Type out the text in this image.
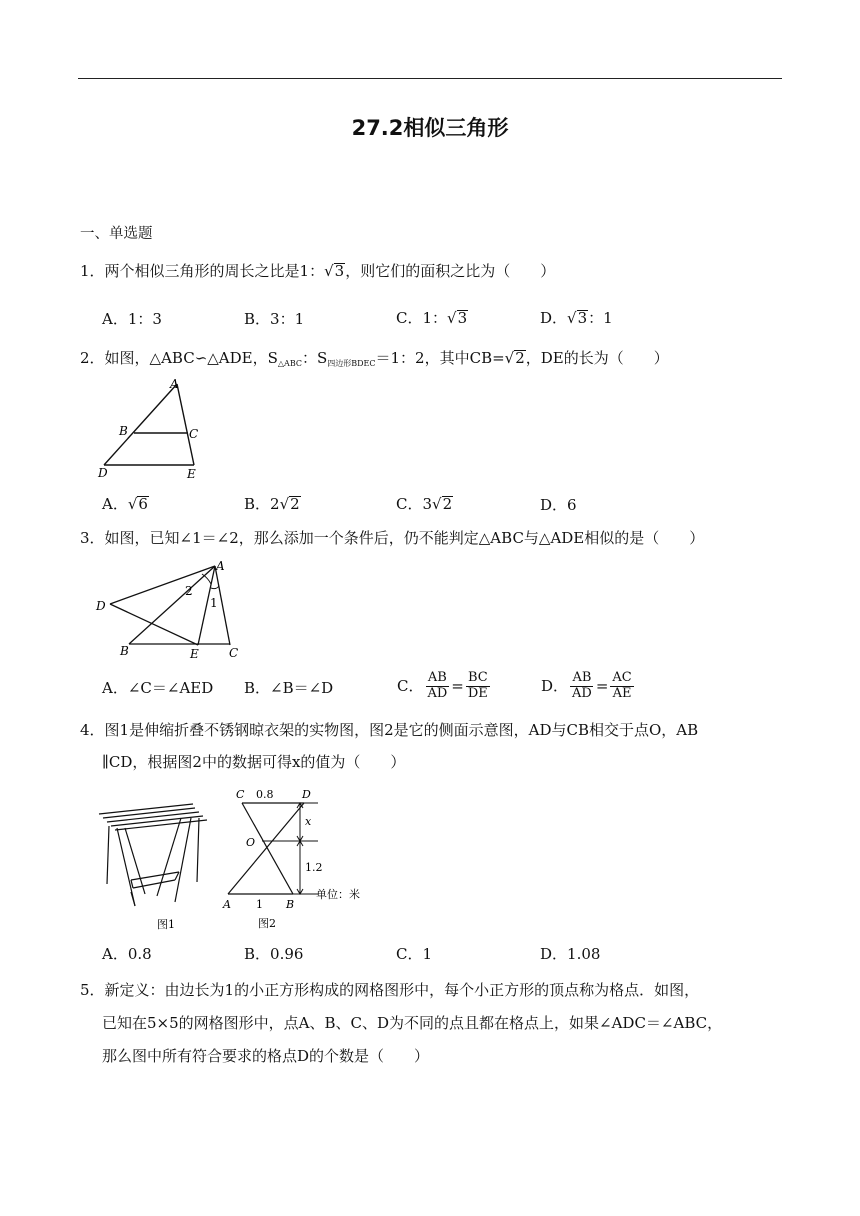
27.2相似三角形
一、单选题
1．两个相似三角形的周长之比是1：√3，则它们的面积之比为（　　）
A．1：3	B．3：1	C．1：√3	D．√3：1
2．如图，△ABC∽△ADE，$S_{\triangle ABC}$：$S_{四边形BDEC}=1$：2，其中CB=√2，DE的长为（　　）
A
B	C
D	E
A．√6	B．2√2	C．3√2	D．6
3．如图，已知∠1＝∠2，那么添加一个条件后，仍不能判定△ABC与△ADE相似的是（　　）
A
D
B	E	C
2
1
A．∠C＝∠AED B．∠B＝∠D	C． $\frac{AB}{AD} = \frac{BC}{DE}$	D． $\frac{AB}{AD} = \frac{AC}{AE}$
4．图1是伸缩折叠不锈钢晾衣架的实物图，图2是它的侧面示意图，AD与CB相交于点O，AB
∥CD，根据图2中的数据可得x的值为（　　）
图1
C 0.8	D
O
x
1.2
A 1 B
单位：米
图2
A．0.8	B．0.96	C．1	D．1.08
5．新定义：由边长为1的小正方形构成的网格图形中，每个小正方形的顶点称为格点．如图，
已知在5×5的网格图形中，点A、B、C、D为不同的点且都在格点上，如果∠ADC＝∠ABC，
那么图中所有符合要求的格点D的个数是（　　）
